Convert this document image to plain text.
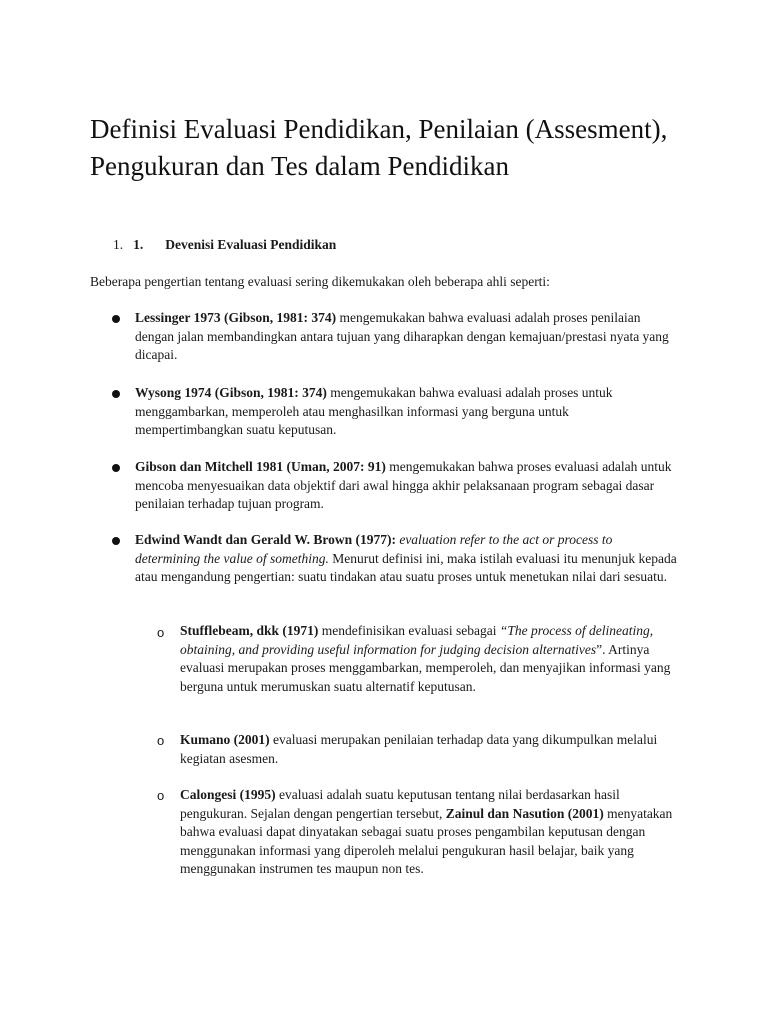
Definisi Evaluasi Pendidikan, Penilaian (Assesment), Pengukuran dan Tes dalam Pendidikan

1. 1. Devenisi Evaluasi Pendidikan

Beberapa pengertian tentang evaluasi sering dikemukakan oleh beberapa ahli seperti:

Lessinger 1973 (Gibson, 1981: 374) mengemukakan bahwa evaluasi adalah proses penilaian dengan jalan membandingkan antara tujuan yang diharapkan dengan kemajuan/prestasi nyata yang dicapai.

Wysong 1974 (Gibson, 1981: 374) mengemukakan bahwa evaluasi adalah proses untuk menggambarkan, memperoleh atau menghasilkan informasi yang berguna untuk mempertimbangkan suatu keputusan.

Gibson dan Mitchell 1981 (Uman, 2007: 91) mengemukakan bahwa proses evaluasi adalah untuk mencoba menyesuaikan data objektif dari awal hingga akhir pelaksanaan program sebagai dasar penilaian terhadap tujuan program.

Edwind Wandt dan Gerald W. Brown (1977): evaluation refer to the act or process to determining the value of something. Menurut definisi ini, maka istilah evaluasi itu menunjuk kepada atau mengandung pengertian: suatu tindakan atau suatu proses untuk menetukan nilai dari sesuatu.

o Stufflebeam, dkk (1971) mendefinisikan evaluasi sebagai “The process of delineating, obtaining, and providing useful information for judging decision alternatives”. Artinya evaluasi merupakan proses menggambarkan, memperoleh, dan menyajikan informasi yang berguna untuk merumuskan suatu alternatif keputusan.

o Kumano (2001) evaluasi merupakan penilaian terhadap data yang dikumpulkan melalui kegiatan asesmen.

o Calongesi (1995) evaluasi adalah suatu keputusan tentang nilai berdasarkan hasil pengukuran. Sejalan dengan pengertian tersebut, Zainul dan Nasution (2001) menyatakan bahwa evaluasi dapat dinyatakan sebagai suatu proses pengambilan keputusan dengan menggunakan informasi yang diperoleh melalui pengukuran hasil belajar, baik yang menggunakan instrumen tes maupun non tes.
